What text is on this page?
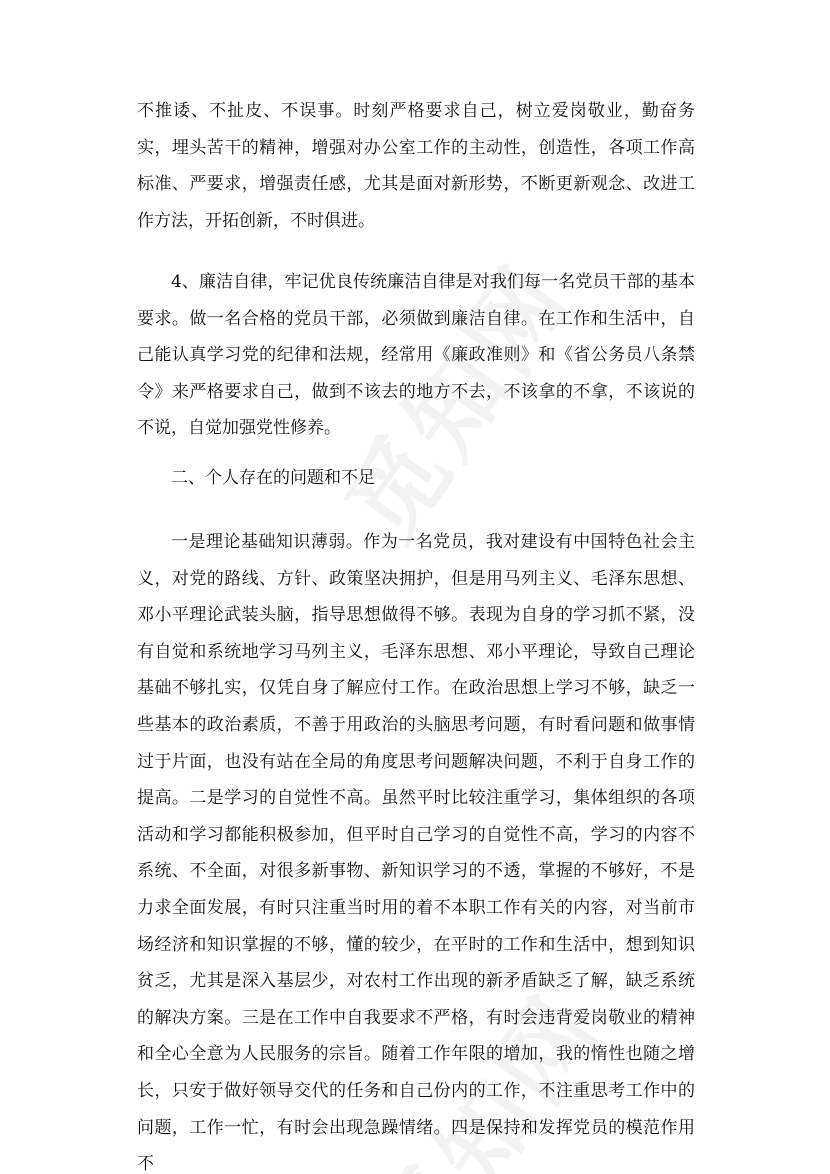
不推诿、不扯皮、不误事。时刻严格要求自己，树立爱岗敬业，勤奋务实，埋头苦干的精神，增强对办公室工作的主动性，创造性，各项工作高标准、严要求，增强责任感，尤其是面对新形势，不断更新观念、改进工作方法，开拓创新，不时俱进。

4、廉洁自律，牢记优良传统廉洁自律是对我们每一名党员干部的基本要求。做一名合格的党员干部，必须做到廉洁自律。在工作和生活中，自己能认真学习党的纪律和法规，经常用《廉政准则》和《省公务员八条禁令》来严格要求自己，做到不该去的地方不去，不该拿的不拿，不该说的不说，自觉加强党性修养。

二、个人存在的问题和不足

一是理论基础知识薄弱。作为一名党员，我对建设有中国特色社会主义，对党的路线、方针、政策坚决拥护，但是用马列主义、毛泽东思想、邓小平理论武装头脑，指导思想做得不够。表现为自身的学习抓不紧，没有自觉和系统地学习马列主义，毛泽东思想、邓小平理论，导致自己理论基础不够扎实，仅凭自身了解应付工作。在政治思想上学习不够，缺乏一些基本的政治素质，不善于用政治的头脑思考问题，有时看问题和做事情过于片面，也没有站在全局的角度思考问题解决问题，不利于自身工作的提高。二是学习的自觉性不高。虽然平时比较注重学习，集体组织的各项活动和学习都能积极参加，但平时自己学习的自觉性不高，学习的内容不系统、不全面，对很多新事物、新知识学习的不透，掌握的不够好，不是力求全面发展，有时只注重当时用的着不本职工作有关的内容，对当前市场经济和知识掌握的不够，懂的较少，在平时的工作和生活中，想到知识贫乏，尤其是深入基层少，对农村工作出现的新矛盾缺乏了解，缺乏系统的解决方案。三是在工作中自我要求不严格，有时会违背爱岗敬业的精神和全心全意为人民服务的宗旨。随着工作年限的增加，我的惰性也随之增长，只安于做好领导交代的任务和自己份内的工作，不注重思考工作中的问题，工作一忙，有时会出现急躁情绪。四是保持和发挥党员的模范作用不
